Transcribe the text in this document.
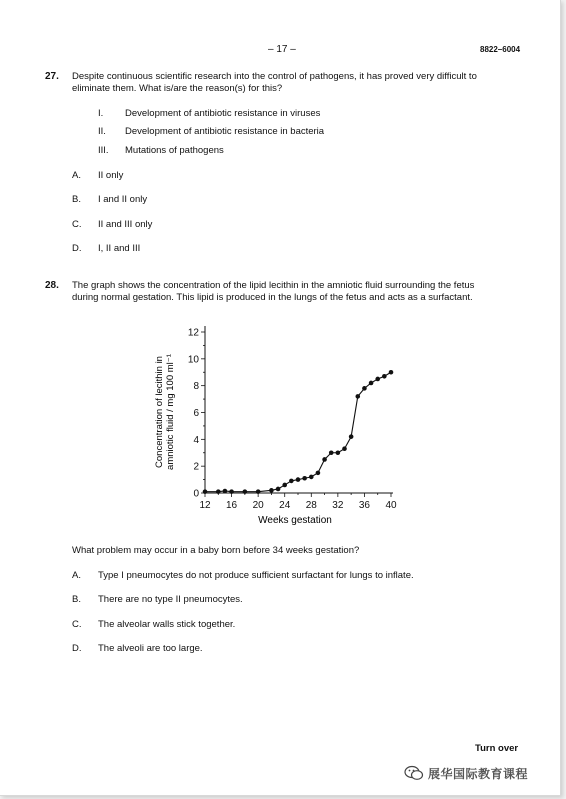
– 17 –	8822–6004
27. Despite continuous scientific research into the control of pathogens, it has proved very difficult to
eliminate them. What is/are the reason(s) for this?
I. Development of antibiotic resistance in viruses
II. Development of antibiotic resistance in bacteria
III. Mutations of pathogens
A. II only
B. I and II only
C. II and III only
D. I, II and III
28. The graph shows the concentration of the lipid lecithin in the amniotic fluid surrounding the fetus
during normal gestation. This lipid is produced in the lungs of the fetus and acts as a surfactant.
0
2
4
6
8
10
12
12 16 20 24 28 32 36 40
Weeks gestation
Concentration of lecithin in amniotic fluid / mg 100 ml⁻¹
What problem may occur in a baby born before 34 weeks gestation?
A. Type I pneumocytes do not produce sufficient surfactant for lungs to inflate.
B. There are no type II pneumocytes.
C. The alveolar walls stick together.
D. The alveoli are too large.
Turn over
展华国际教育课程
